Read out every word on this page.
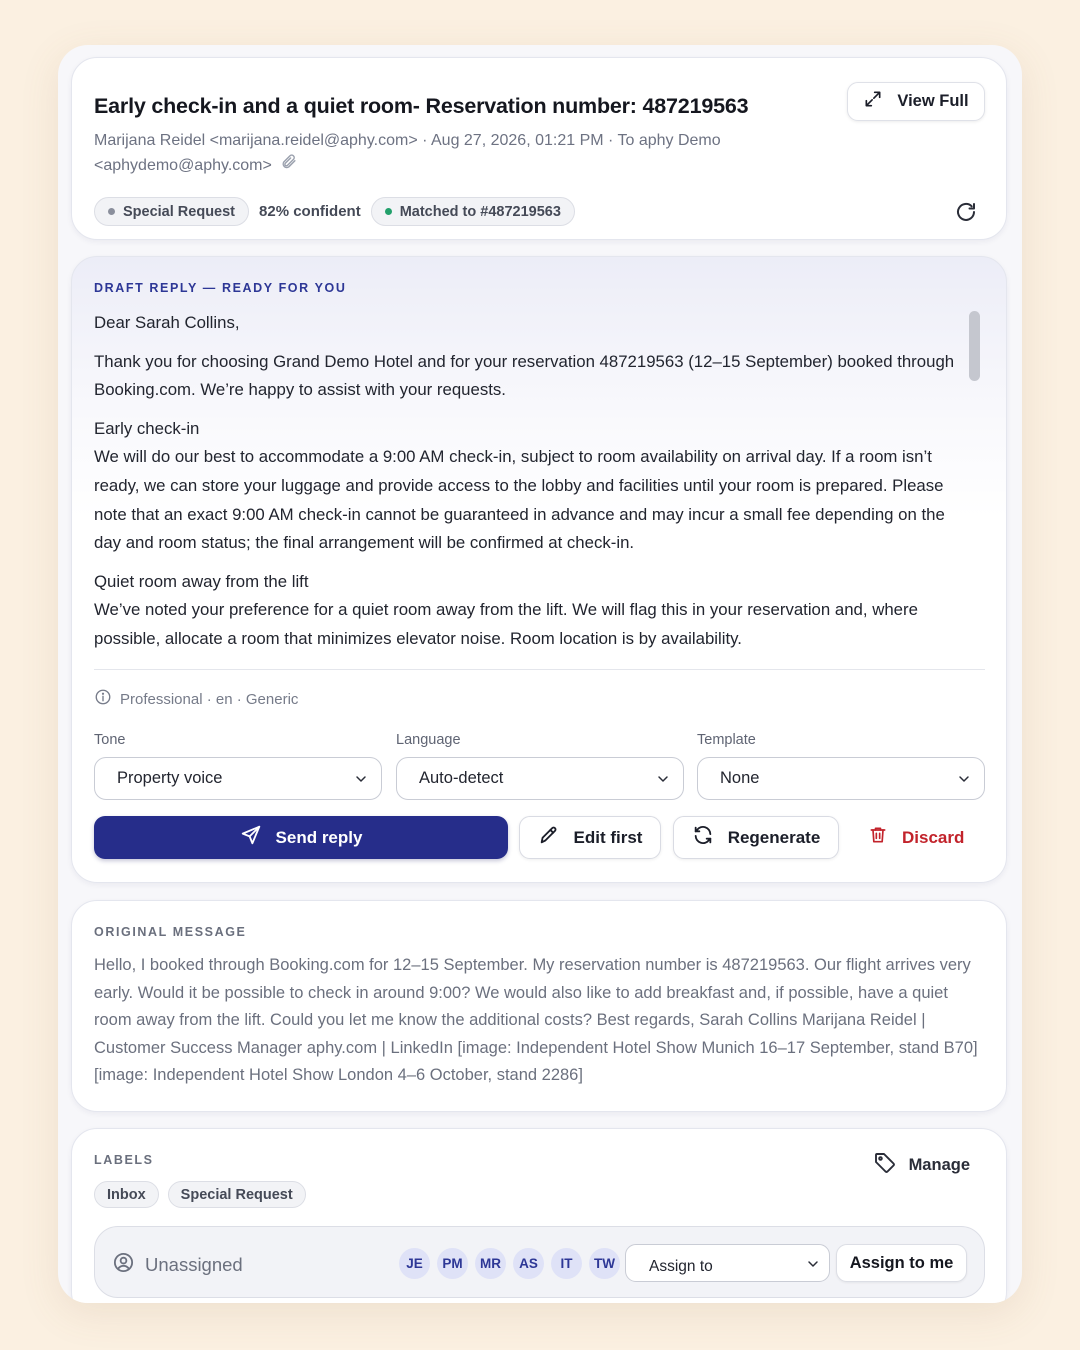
Early check-in and a quiet room- Reservation number: 487219563
Marijana Reidel <marijana.reidel@aphy.com> · Aug 27, 2026, 01:21 PM · To aphy Demo
<aphydemo@aphy.com>
View Full
Special Request 82% confident	Matched to #487219563
DRAFT REPLY — READY FOR YOU

Dear Sarah Collins,

Thank you for choosing Grand Demo Hotel and for your reservation 487219563 (12–15 September) booked through Booking.com. We’re happy to assist with your requests.

Early check-in
We will do our best to accommodate a 9:00 AM check-in, subject to room availability on arrival day. If a room isn’t ready, we can store your luggage and provide access to the lobby and facilities until your room is prepared. Please note that an exact 9:00 AM check-in cannot be guaranteed in advance and may incur a small fee depending on the day and room status; the final arrangement will be confirmed at check-in.

Quiet room away from the lift
We’ve noted your preference for a quiet room away from the lift. We will flag this in your reservation and, where possible, allocate a room that minimizes elevator noise. Room location is by availability.

Professional · en · Generic
Tone
Property voice
Language
Auto-detect
Template
None
Send reply	Edit first	Regenerate	Discard
ORIGINAL MESSAGE
Hello, I booked through Booking.com for 12–15 September. My reservation number is 487219563. Our flight arrives very early. Would it be possible to check in around 9:00? We would also like to add breakfast and, if possible, have a quiet room away from the lift. Could you let me know the additional costs? Best regards, Sarah Collins Marijana Reidel | Customer Success Manager aphy.com | LinkedIn [image: Independent Hotel Show Munich 16–17 September, stand B70] [image: Independent Hotel Show London 4–6 October, stand 2286]
LABELS	Manage
Inbox	Special Request
Unassigned	JE	PM	MR	AS	IT	TW	Assign to	Assign to me
